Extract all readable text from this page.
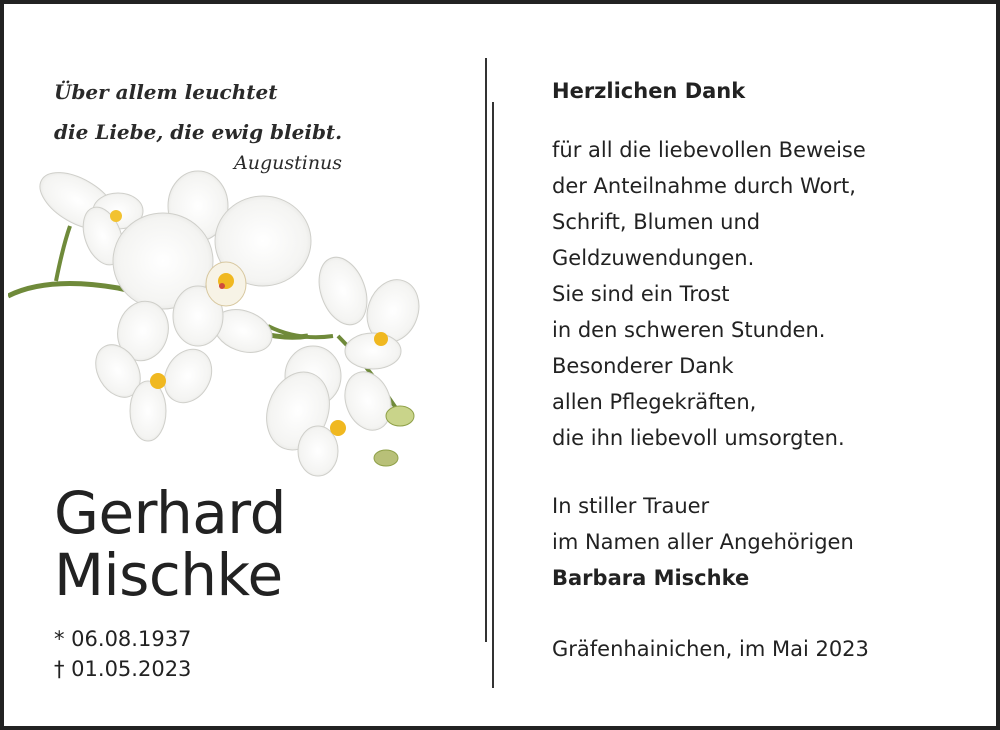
Über allem leuchtet
die Liebe, die ewig bleibt.
Augustinus
Gerhard
Mischke
* 06.08.1937
† 01.05.2023
Herzlichen Dank
für all die liebevollen Beweise
der Anteilnahme durch Wort,
Schrift, Blumen und
Geldzuwendungen.
Sie sind ein Trost
in den schweren Stunden.
Besonderer Dank
allen Pflegekräften,
die ihn liebevoll umsorgten.
In stiller Trauer
im Namen aller Angehörigen
Barbara Mischke
Gräfenhainichen, im Mai 2023
